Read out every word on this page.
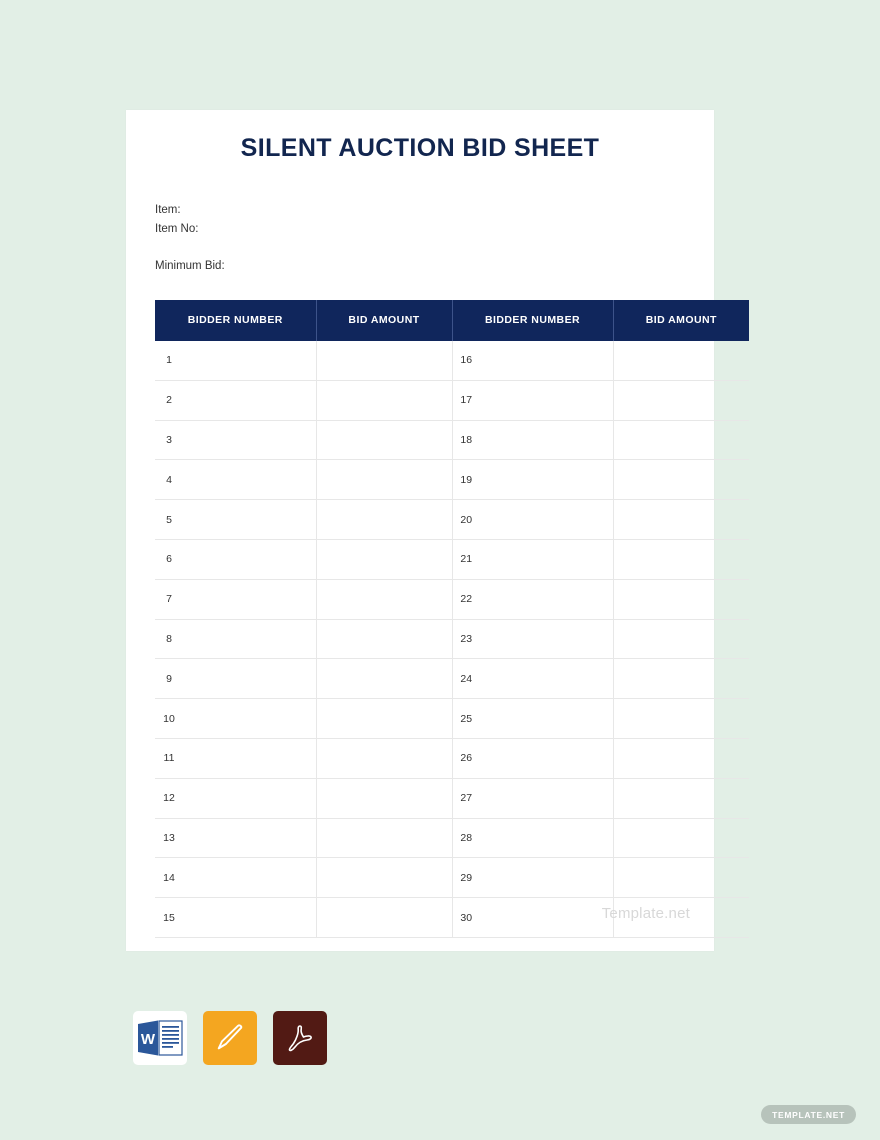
SILENT AUCTION BID SHEET
Item:
Item No:
Minimum Bid:
BIDDER NUMBER		BID AMOUNT	BIDDER NUMBER		BID AMOUNT
1			16		
2			17		
3			18		
4			19		
5			20		
6			21		
7			22		
8			23		
9			24		
10			25		
11			26		
12			27		
13			28		
14			29		
15			30			Template.net
W
TEMPLATE.NET
